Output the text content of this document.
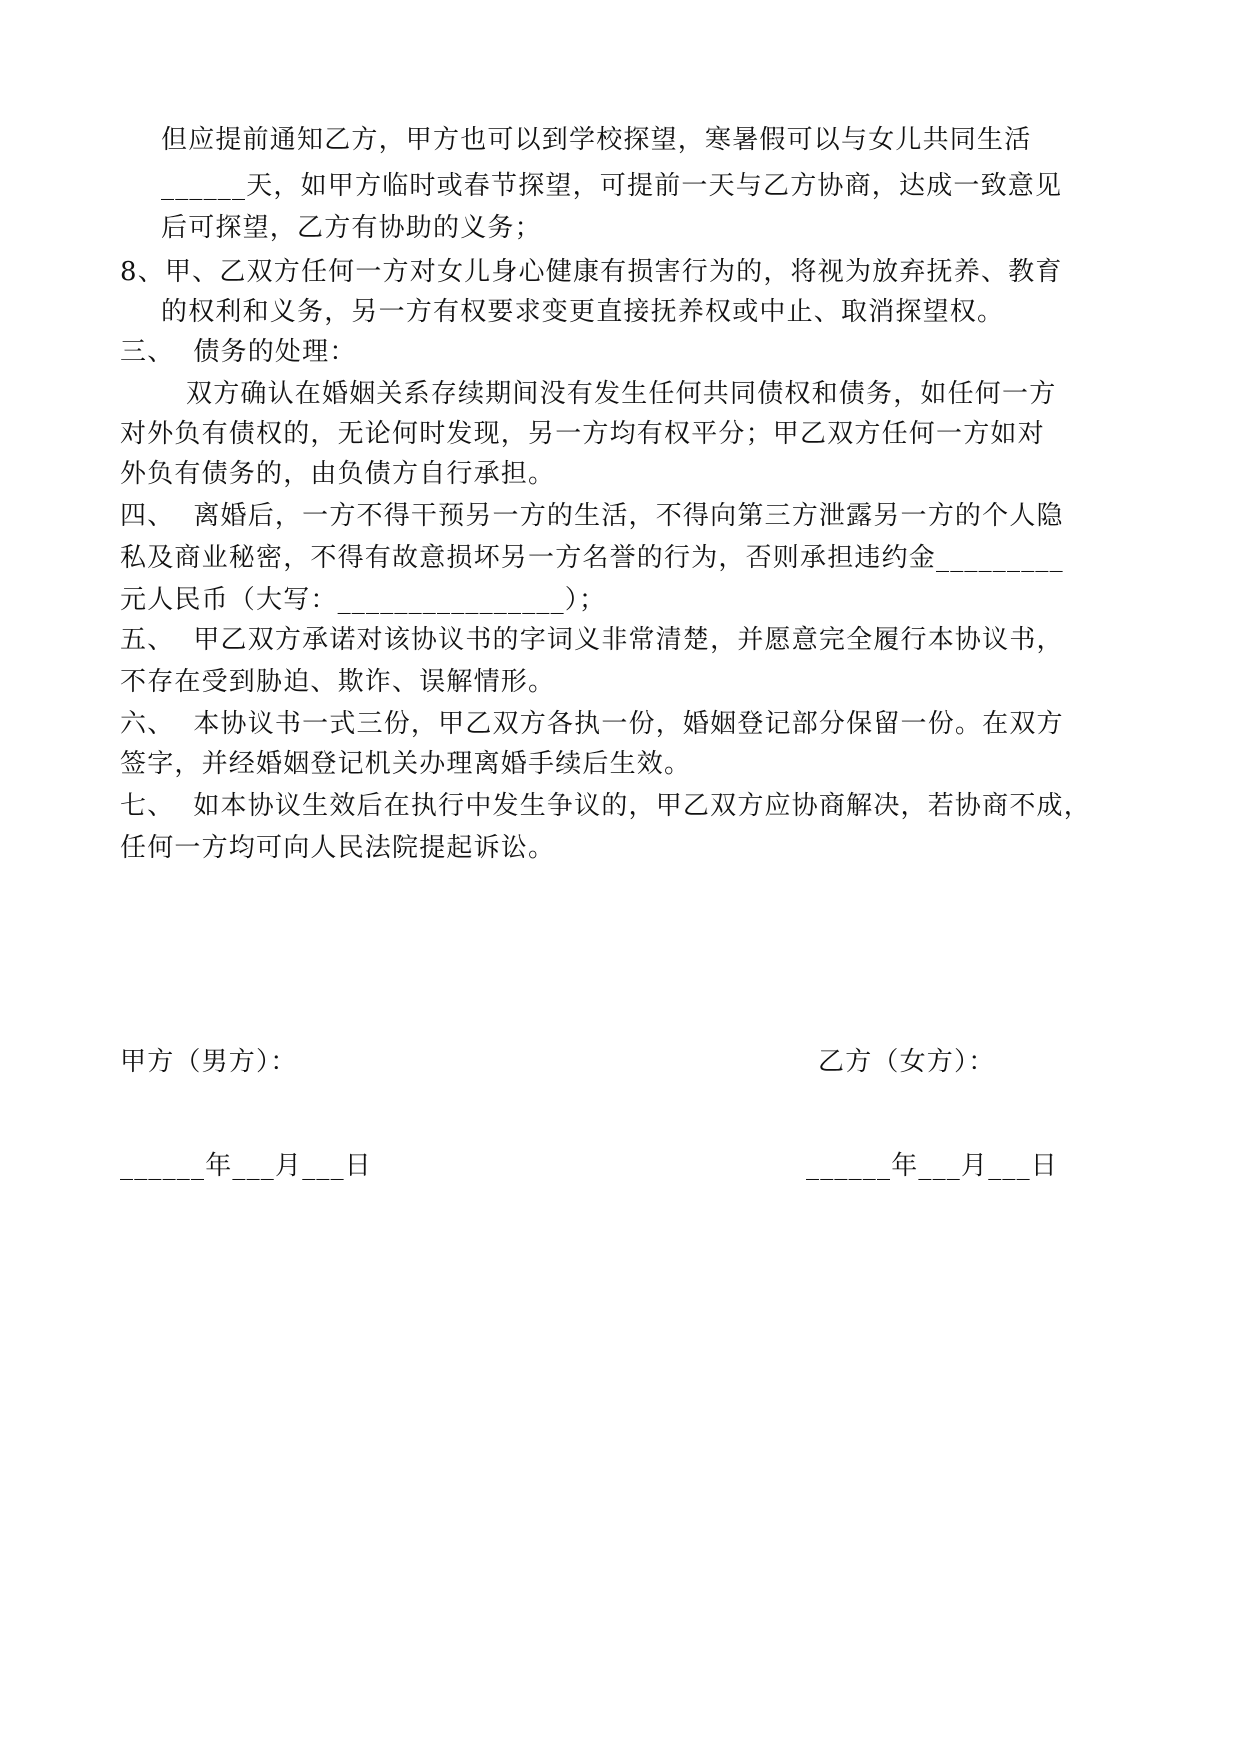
但应提前通知乙方，甲方也可以到学校探望，寒暑假可以与女儿共同生活
______天，如甲方临时或春节探望，可提前一天与乙方协商，达成一致意见
后可探望，乙方有协助的义务；
8、甲、乙双方任何一方对女儿身心健康有损害行为的，将视为放弃抚养、教育
的权利和义务，另一方有权要求变更直接抚养权或中止、取消探望权。
三、  债务的处理：
双方确认在婚姻关系存续期间没有发生任何共同债权和债务，如任何一方
对外负有债权的，无论何时发现，另一方均有权平分；甲乙双方任何一方如对
外负有债务的，由负债方自行承担。
四、  离婚后，一方不得干预另一方的生活，不得向第三方泄露另一方的个人隐
私及商业秘密，不得有故意损坏另一方名誉的行为，否则承担违约金_________
元人民币（大写：________________）；
五、  甲乙双方承诺对该协议书的字词义非常清楚，并愿意完全履行本协议书，
不存在受到胁迫、欺诈、误解情形。
六、  本协议书一式三份，甲乙双方各执一份，婚姻登记部分保留一份。在双方
签字，并经婚姻登记机关办理离婚手续后生效。
七、  如本协议生效后在执行中发生争议的，甲乙双方应协商解决，若协商不成，
任何一方均可向人民法院提起诉讼。
甲方（男方）：	乙方（女方）：
______年___月___日	______年___月___日
